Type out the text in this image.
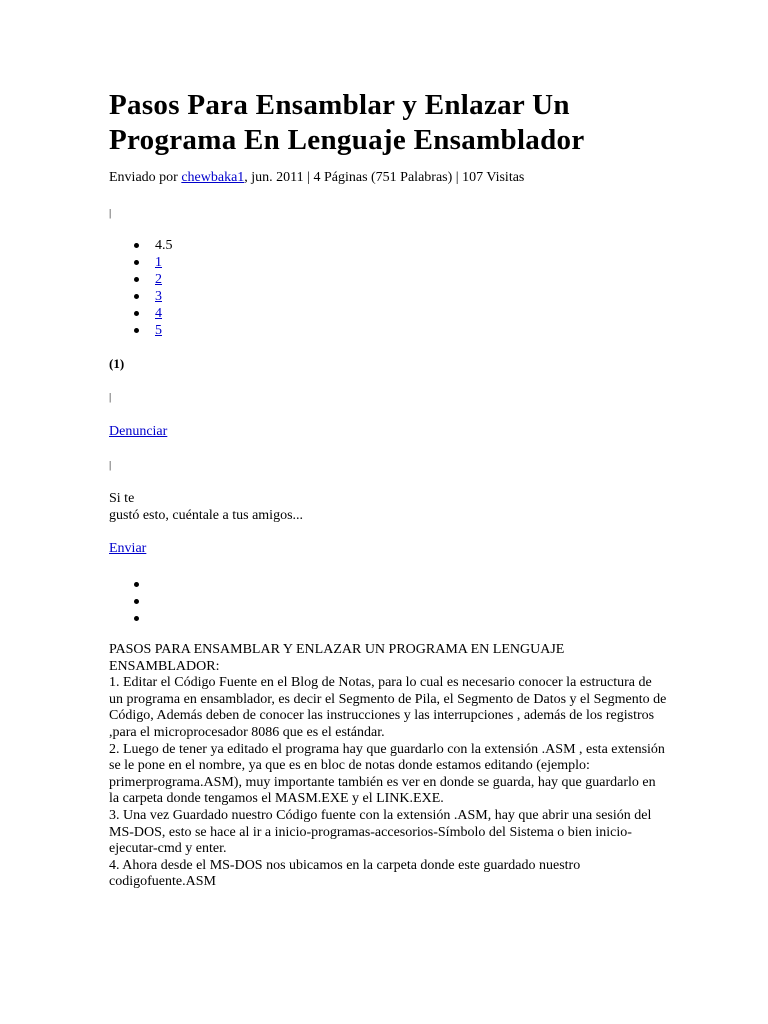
Pasos Para Ensamblar y Enlazar Un Programa En Lenguaje Ensamblador
Enviado por chewbaka1, jun. 2011 | 4 Páginas (751 Palabras) | 107 Visitas
|
4.5
1
2
3
4
5
(1)
|
Denunciar
|
Si te
gustó esto, cuéntale a tus amigos...
Enviar

PASOS PARA ENSAMBLAR Y ENLAZAR UN PROGRAMA EN LENGUAJE ENSAMBLADOR:

1. Editar el Código Fuente en el Blog de Notas, para lo cual es necesario conocer la estructura de un programa en ensamblador, es decir el Segmento de Pila, el Segmento de Datos y el Segmento de Código, Además deben de conocer las instrucciones y las interrupciones , además de los registros ,para el microprocesador 8086 que es el estándar.

2. Luego de tener ya editado el programa hay que guardarlo con la extensión .ASM , esta extensión se le pone en el nombre, ya que es en bloc de notas donde estamos editando (ejemplo: primerprograma.ASM), muy importante también es ver en donde se guarda, hay que guardarlo en la carpeta donde tengamos el MASM.EXE y el LINK.EXE.

3. Una vez Guardado nuestro Código fuente con la extensión .ASM, hay que abrir una sesión del MS-DOS, esto se hace al ir a inicio-programas-accesorios-Símbolo del Sistema o bien inicio-ejecutar-cmd y enter.

4. Ahora desde el MS-DOS nos ubicamos en la carpeta donde este guardado nuestro codigofuente.ASM
